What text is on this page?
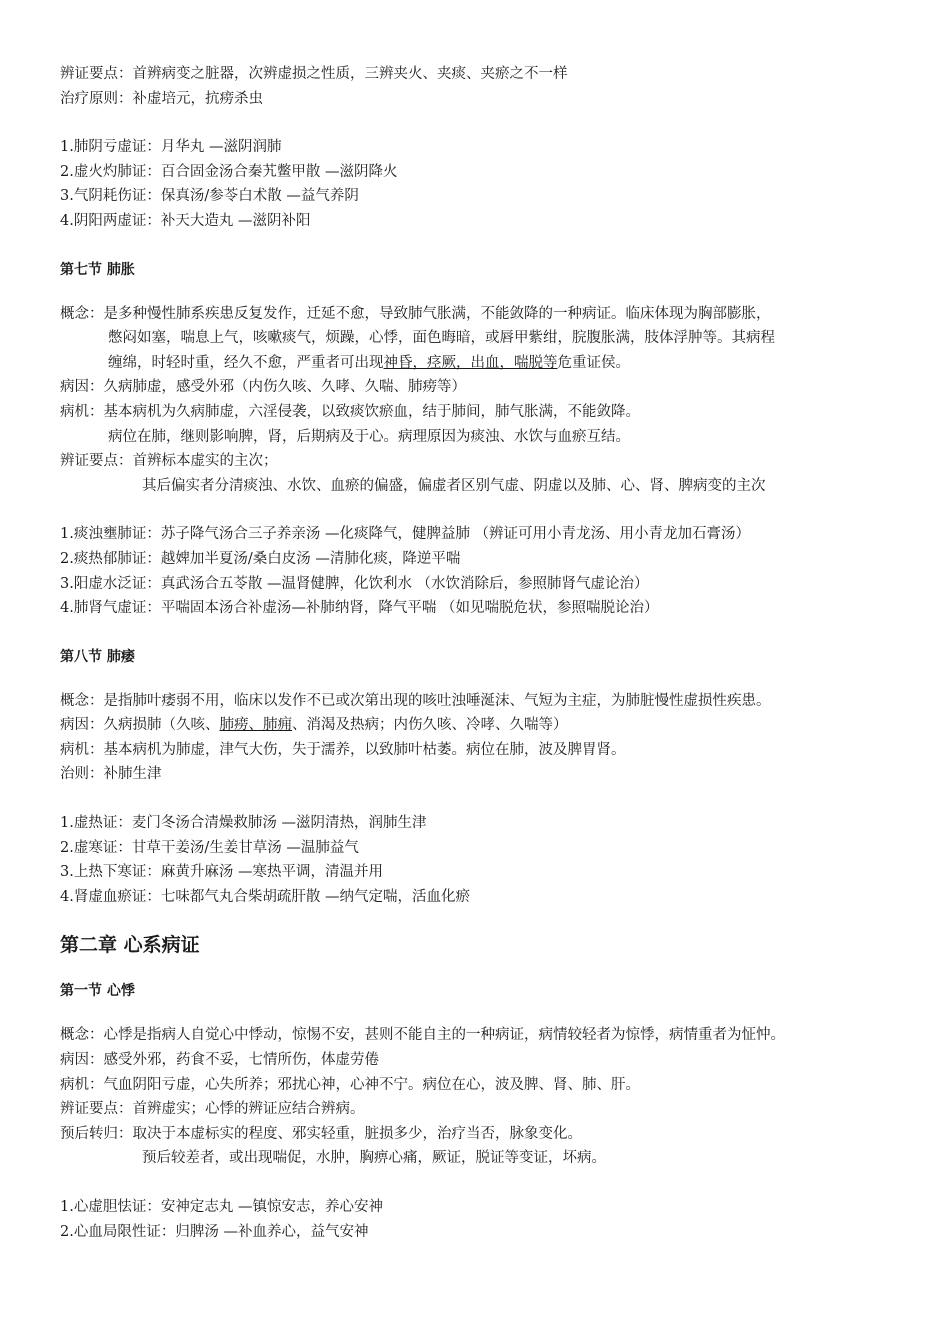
辨证要点：首辨病变之脏器，次辨虚损之性质，三辨夹火、夹痰、夹瘀之不一样
治疗原则：补虚培元，抗痨杀虫
1.肺阴亏虚证：月华丸 —滋阴润肺
2.虚火灼肺证：百合固金汤合秦艽鳖甲散 —滋阴降火
3.气阴耗伤证：保真汤/参苓白术散 —益气养阴
4.阴阳两虚证：补天大造丸 —滋阴补阳
第七节 肺胀
概念：是多种慢性肺系疾患反复发作，迁延不愈，导致肺气胀满，不能敛降的一种病证。临床体现为胸部膨胀，
憋闷如塞，喘息上气，咳嗽痰气，烦躁，心悸，面色晦暗，或唇甲紫绀，脘腹胀满，肢体浮肿等。其病程
缠绵，时轻时重，经久不愈，严重者可出现神昏，痉厥，出血，喘脱等危重证侯。
病因：久病肺虚，感受外邪（内伤久咳、久哮、久喘、肺痨等）
病机：基本病机为久病肺虚，六淫侵袭，以致痰饮瘀血，结于肺间，肺气胀满，不能敛降。
病位在肺，继则影响脾，肾，后期病及于心。病理原因为痰浊、水饮与血瘀互结。
辨证要点：首辨标本虚实的主次；
其后偏实者分清痰浊、水饮、血瘀的偏盛，偏虚者区别气虚、阴虚以及肺、心、肾、脾病变的主次
1.痰浊壅肺证：苏子降气汤合三子养亲汤 —化痰降气，健脾益肺 （辨证可用小青龙汤、用小青龙加石膏汤）
2.痰热郁肺证：越婢加半夏汤/桑白皮汤 —清肺化痰，降逆平喘
3.阳虚水泛证：真武汤合五苓散 —温肾健脾，化饮利水 （水饮消除后，参照肺肾气虚论治）
4.肺肾气虚证：平喘固本汤合补虚汤—补肺纳肾，降气平喘 （如见喘脱危状，参照喘脱论治）
第八节 肺痿
概念：是指肺叶痿弱不用，临床以发作不已或次第出现的咳吐浊唾涎沫、气短为主症，为肺脏慢性虚损性疾患。
病因：久病损肺（久咳、肺痨、肺痈、消渴及热病；内伤久咳、冷哮、久喘等）
病机：基本病机为肺虚，津气大伤，失于濡养，以致肺叶枯萎。病位在肺，波及脾胃肾。
治则：补肺生津
1.虚热证：麦门冬汤合清燥救肺汤 —滋阴清热，润肺生津
2.虚寒证：甘草干姜汤/生姜甘草汤 —温肺益气
3.上热下寒证：麻黄升麻汤 —寒热平调，清温并用
4.肾虚血瘀证：七味都气丸合柴胡疏肝散 —纳气定喘，活血化瘀
第二章 心系病证
第一节 心悸
概念：心悸是指病人自觉心中悸动，惊惕不安，甚则不能自主的一种病证，病情较轻者为惊悸，病情重者为怔忡。
病因：感受外邪，药食不妥，七情所伤，体虚劳倦
病机：气血阴阳亏虚，心失所养；邪扰心神，心神不宁。病位在心，波及脾、肾、肺、肝。
辨证要点：首辨虚实；心悸的辨证应结合辨病。
预后转归：取决于本虚标实的程度、邪实轻重，脏损多少，治疗当否，脉象变化。
预后较差者，或出现喘促，水肿，胸痹心痛，厥证，脱证等变证，坏病。
1.心虚胆怯证：安神定志丸 —镇惊安志，养心安神
2.心血局限性证：归脾汤 —补血养心，益气安神
